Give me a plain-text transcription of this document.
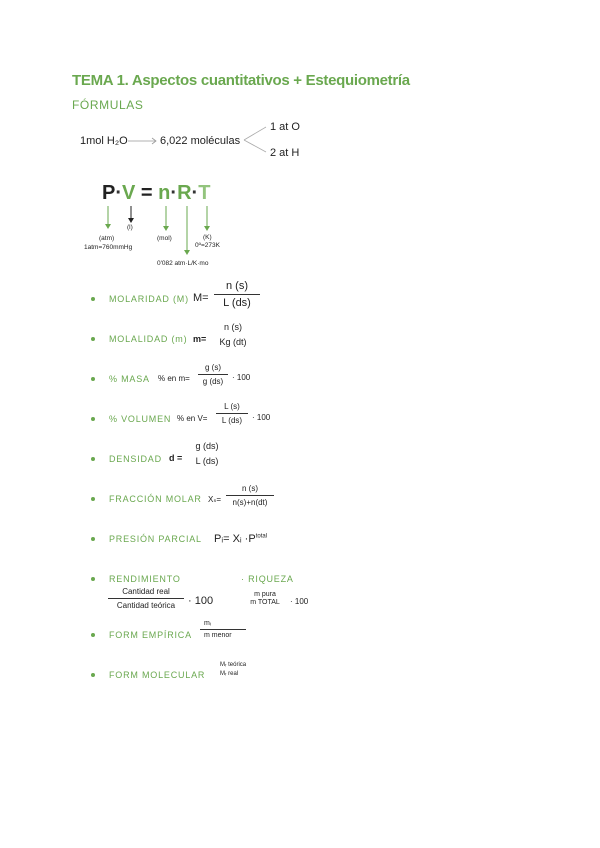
TEMA 1. Aspectos cuantitativos + Estequiometría
FÓRMULAS
1mol H₂O	6,022 moléculas
1 at O
2 at H
P·V = n·R·T
(atm)
1atm=760mmHg
(l)
(mol)	(K)
0º=273K
0'082 atm·L/K·mo
MOLARIDAD (M) M=
n (s)
L (ds)
MOLALIDAD (m) m=
n (s)
Kg (dt)
% MASA % en m=
g (s)
g (ds)	· 100
% VOLUMEN % en V=
L (s)
L (ds)	· 100
DENSIDAD d =
g (ds)
L (ds)
FRACCIÓN MOLAR Xₛ=
n (s)
n(s)+n(dt)
PRESIÓN PARCIAL Pᵢ= Xᵢ $\cdot P^{total}$
RENDIMIENTO
Cantidad real
Cantidad teórica	· 100
· RIQUEZA
m pura
m TOTAL	· 100
FORM EMPÍRICA
mᵢ
m menor
FORM MOLECULAR
Mᵣ teórica
Mᵣ real
